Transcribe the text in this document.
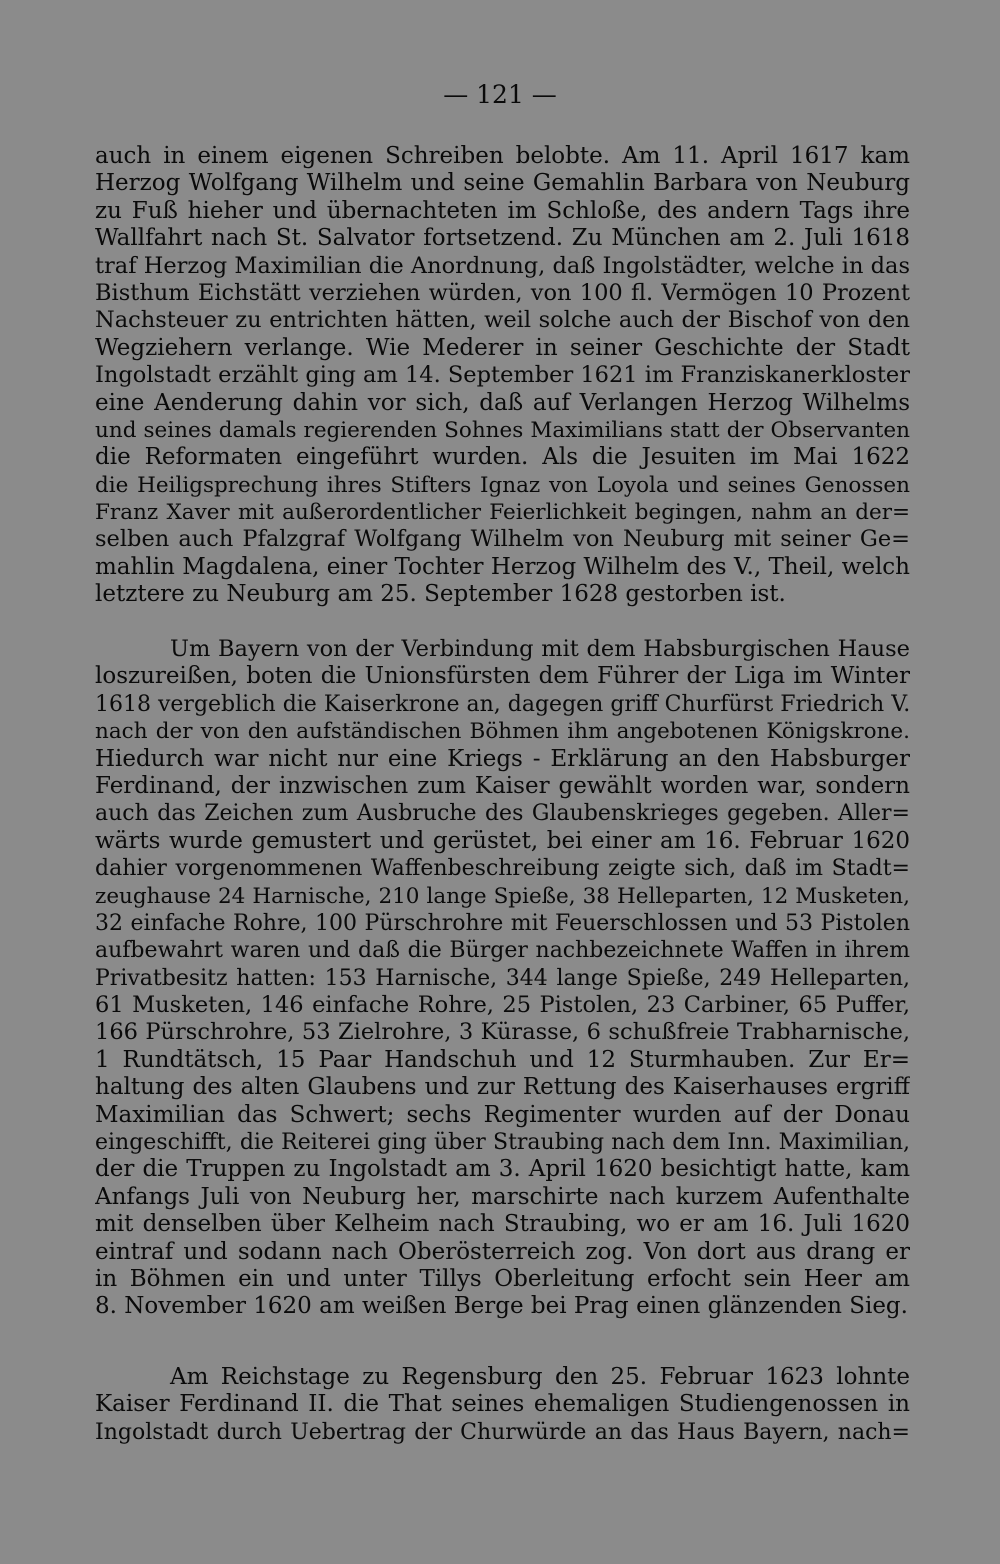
— 121 —
auch in einem eigenen Schreiben belobte. Am 11. April 1617 kam
Herzog Wolfgang Wilhelm und seine Gemahlin Barbara von Neuburg
zu Fuß hieher und übernachteten im Schloße, des andern Tags ihre
Wallfahrt nach St. Salvator fortsetzend. Zu München am 2. Juli 1618
traf Herzog Maximilian die Anordnung, daß Ingolstädter, welche in das
Bisthum Eichstätt verziehen würden, von 100 fl. Vermögen 10 Prozent
Nachsteuer zu entrichten hätten, weil solche auch der Bischof von den
Wegziehern verlange. Wie Mederer in seiner Geschichte der Stadt
Ingolstadt erzählt ging am 14. September 1621 im Franziskanerkloster
eine Aenderung dahin vor sich, daß auf Verlangen Herzog Wilhelms
und seines damals regierenden Sohnes Maximilians statt der Observanten
die Reformaten eingeführt wurden. Als die Jesuiten im Mai 1622
die Heiligsprechung ihres Stifters Ignaz von Loyola und seines Genossen
Franz Xaver mit außerordentlicher Feierlichkeit begingen, nahm an der=
selben auch Pfalzgraf Wolfgang Wilhelm von Neuburg mit seiner Ge=
mahlin Magdalena, einer Tochter Herzog Wilhelm des V., Theil, welch
letztere zu Neuburg am 25. September 1628 gestorben ist.
Um Bayern von der Verbindung mit dem Habsburgischen Hause
loszureißen, boten die Unionsfürsten dem Führer der Liga im Winter
1618 vergeblich die Kaiserkrone an, dagegen griff Churfürst Friedrich V.
nach der von den aufständischen Böhmen ihm angebotenen Königskrone.
Hiedurch war nicht nur eine Kriegs - Erklärung an den Habsburger
Ferdinand, der inzwischen zum Kaiser gewählt worden war, sondern
auch das Zeichen zum Ausbruche des Glaubenskrieges gegeben. Aller=
wärts wurde gemustert und gerüstet, bei einer am 16. Februar 1620
dahier vorgenommenen Waffenbeschreibung zeigte sich, daß im Stadt=
zeughause 24 Harnische, 210 lange Spieße, 38 Helleparten, 12 Musketen,
32 einfache Rohre, 100 Pürschrohre mit Feuerschlossen und 53 Pistolen
aufbewahrt waren und daß die Bürger nachbezeichnete Waffen in ihrem
Privatbesitz hatten: 153 Harnische, 344 lange Spieße, 249 Helleparten,
61 Musketen, 146 einfache Rohre, 25 Pistolen, 23 Carbiner, 65 Puffer,
166 Pürschrohre, 53 Zielrohre, 3 Kürasse, 6 schußfreie Trabharnische,
1 Rundtätsch, 15 Paar Handschuh und 12 Sturmhauben. Zur Er=
haltung des alten Glaubens und zur Rettung des Kaiserhauses ergriff
Maximilian das Schwert; sechs Regimenter wurden auf der Donau
eingeschifft, die Reiterei ging über Straubing nach dem Inn. Maximilian,
der die Truppen zu Ingolstadt am 3. April 1620 besichtigt hatte, kam
Anfangs Juli von Neuburg her, marschirte nach kurzem Aufenthalte
mit denselben über Kelheim nach Straubing, wo er am 16. Juli 1620
eintraf und sodann nach Oberösterreich zog. Von dort aus drang er
in Böhmen ein und unter Tillys Oberleitung erfocht sein Heer am
8. November 1620 am weißen Berge bei Prag einen glänzenden Sieg.
Am Reichstage zu Regensburg den 25. Februar 1623 lohnte
Kaiser Ferdinand II. die That seines ehemaligen Studiengenossen in
Ingolstadt durch Uebertrag der Churwürde an das Haus Bayern, nach=
